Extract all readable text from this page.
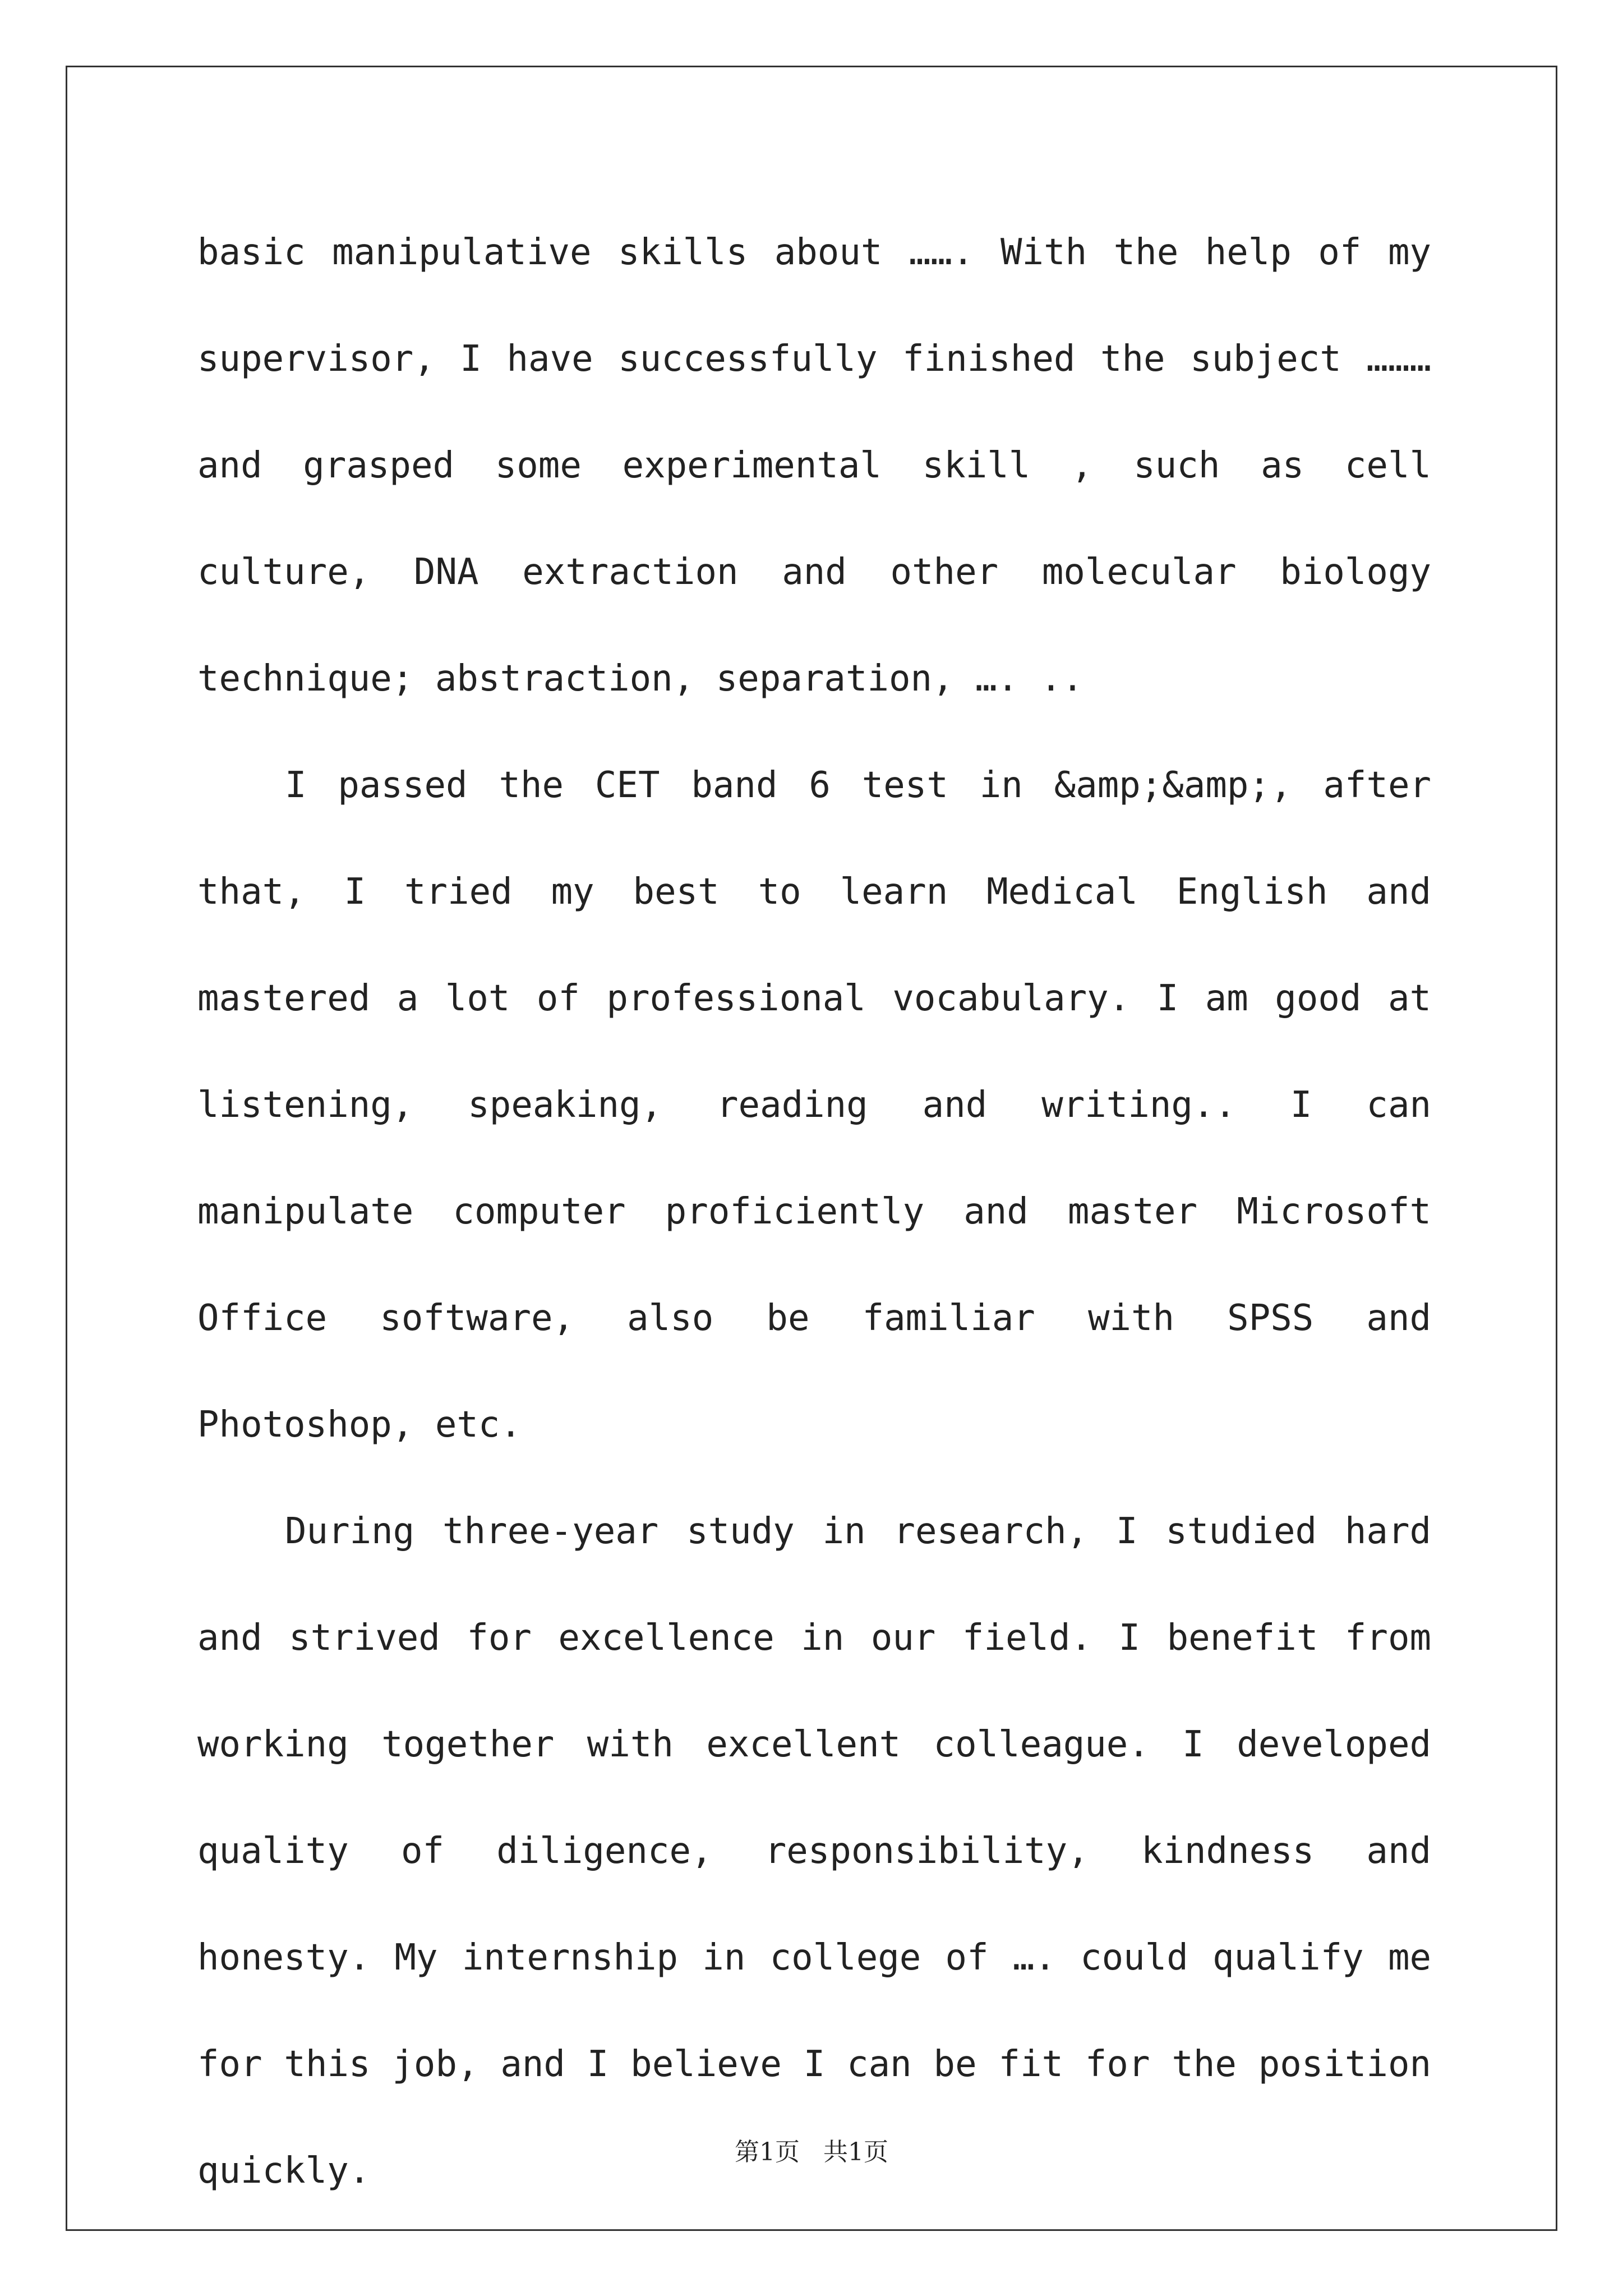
basic manipulative skills about ……. With the help of my supervisor, I have successfully finished the subject ……… and grasped some experimental skill , such as cell culture, DNA extraction and other molecular biology technique; abstraction, separation, …. ..

I passed the CET band 6 test in &amp;&amp;, after that, I tried my best to learn Medical English and mastered a lot of professional vocabulary. I am good at listening, speaking, reading and writing.. I can manipulate computer proficiently and master Microsoft Office software, also be familiar with SPSS and Photoshop, etc.

During three-year study in research, I studied hard and strived for excellence in our field. I benefit from working together with excellent colleague. I developed quality of diligence, responsibility, kindness and honesty. My internship in college of …. could qualify me for this job, and I believe I can be fit for the position quickly.	第1页   共1页
